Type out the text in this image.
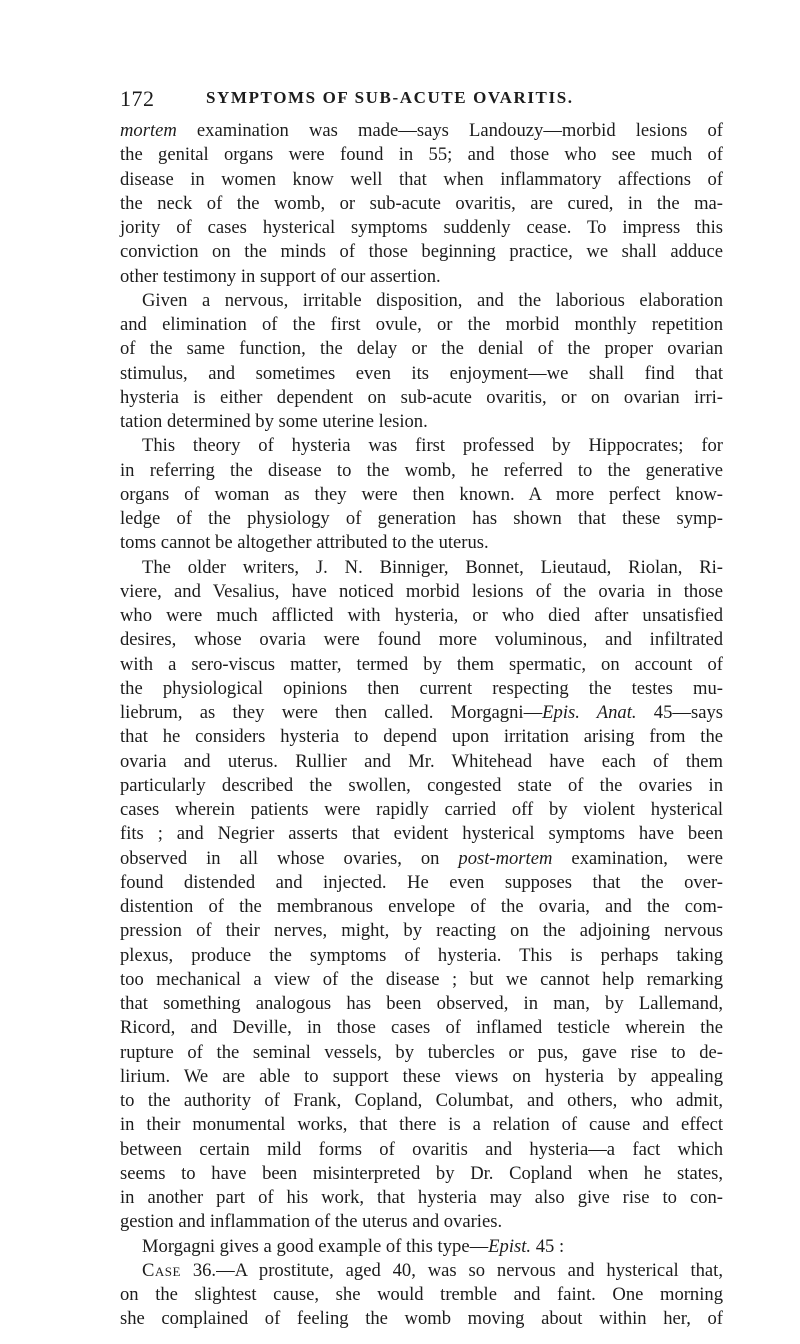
172	SYMPTOMS OF SUB-ACUTE OVARITIS.
mortem examination was made—says Landouzy—morbid lesions of
the genital organs were found in 55; and those who see much of
disease in women know well that when inflammatory affections of
the neck of the womb, or sub-acute ovaritis, are cured, in the ma-
jority of cases hysterical symptoms suddenly cease. To impress this
conviction on the minds of those beginning practice, we shall adduce
other testimony in support of our assertion.
Given a nervous, irritable disposition, and the laborious elaboration
and elimination of the first ovule, or the morbid monthly repetition
of the same function, the delay or the denial of the proper ovarian
stimulus, and sometimes even its enjoyment—we shall find that
hysteria is either dependent on sub-acute ovaritis, or on ovarian irri-
tation determined by some uterine lesion.
This theory of hysteria was first professed by Hippocrates; for
in referring the disease to the womb, he referred to the generative
organs of woman as they were then known. A more perfect know-
ledge of the physiology of generation has shown that these symp-
toms cannot be altogether attributed to the uterus.
The older writers, J. N. Binniger, Bonnet, Lieutaud, Riolan, Ri-
viere, and Vesalius, have noticed morbid lesions of the ovaria in those
who were much afflicted with hysteria, or who died after unsatisfied
desires, whose ovaria were found more voluminous, and infiltrated
with a sero-viscus matter, termed by them spermatic, on account of
the physiological opinions then current respecting the testes mu-
liebrum, as they were then called. Morgagni—Epis. Anat. 45—says
that he considers hysteria to depend upon irritation arising from the
ovaria and uterus. Rullier and Mr. Whitehead have each of them
particularly described the swollen, congested state of the ovaries in
cases wherein patients were rapidly carried off by violent hysterical
fits ; and Negrier asserts that evident hysterical symptoms have been
observed in all whose ovaries, on post-mortem examination, were
found distended and injected. He even supposes that the over-
distention of the membranous envelope of the ovaria, and the com-
pression of their nerves, might, by reacting on the adjoining nervous
plexus, produce the symptoms of hysteria. This is perhaps taking
too mechanical a view of the disease ; but we cannot help remarking
that something analogous has been observed, in man, by Lallemand,
Ricord, and Deville, in those cases of inflamed testicle wherein the
rupture of the seminal vessels, by tubercles or pus, gave rise to de-
lirium. We are able to support these views on hysteria by appealing
to the authority of Frank, Copland, Columbat, and others, who admit,
in their monumental works, that there is a relation of cause and effect
between certain mild forms of ovaritis and hysteria—a fact which
seems to have been misinterpreted by Dr. Copland when he states,
in another part of his work, that hysteria may also give rise to con-
gestion and inflammation of the uterus and ovaries.
Morgagni gives a good example of this type—Epist. 45 :
Case 36.—A prostitute, aged 40, was so nervous and hysterical that,
on the slightest cause, she would tremble and faint. One morning
she complained of feeling the womb moving about within her, of
